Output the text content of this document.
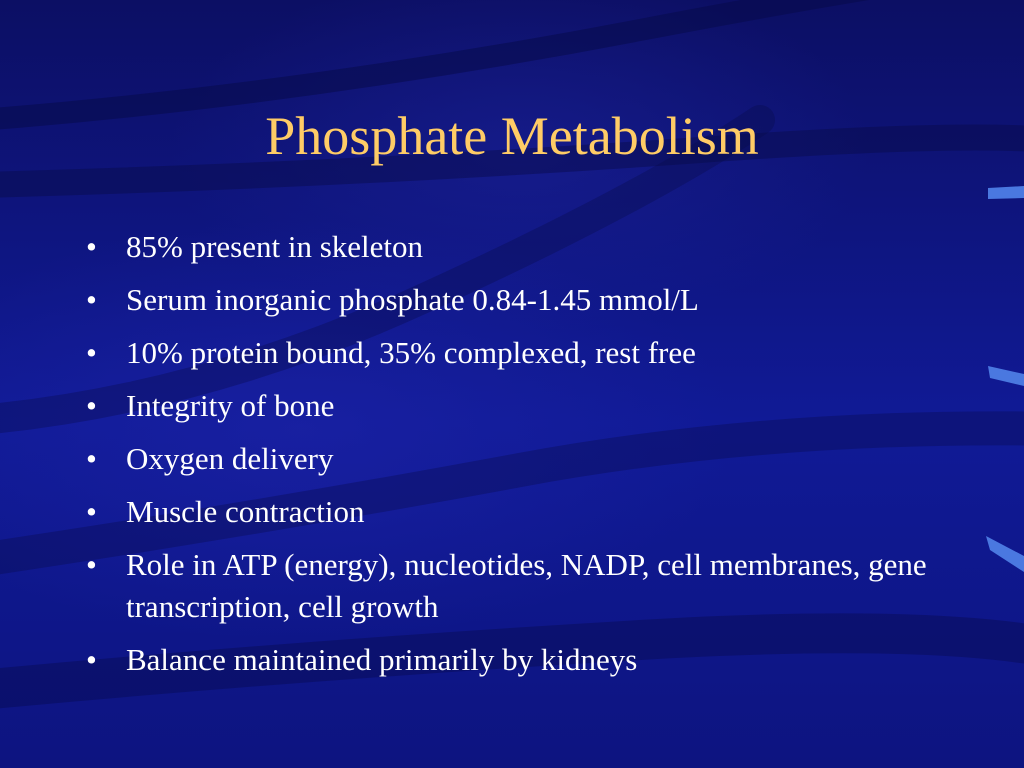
Phosphate Metabolism
• 85% present in skeleton
• Serum inorganic phosphate 0.84-1.45 mmol/L
• 10% protein bound, 35% complexed, rest free
• Integrity of bone
• Oxygen delivery
• Muscle contraction
• Role in ATP (energy), nucleotides, NADP, cell membranes, gene transcription, cell growth
• Balance maintained primarily by kidneys
